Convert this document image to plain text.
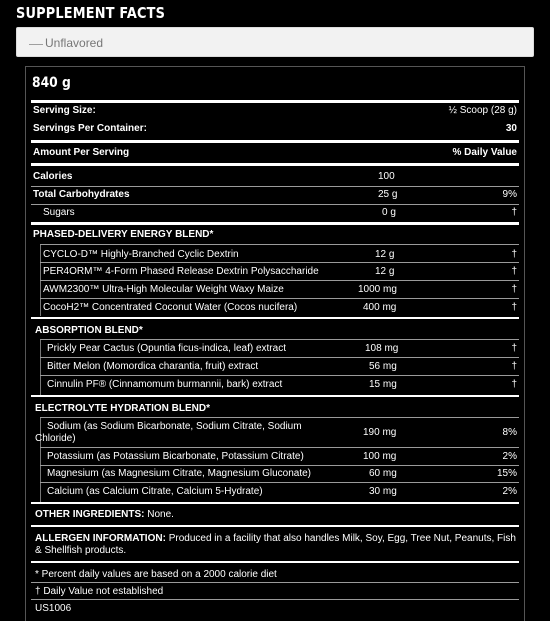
SUPPLEMENT FACTS
— Unflavored
840 g
Serving Size:	½ Scoop (28 g)
Servings Per Container:	30
Amount Per Serving	% Daily Value
Calories	100
Total Carbohydrates	25 g	9%
Sugars	0 g	†
PHASED-DELIVERY ENERGY BLEND*
CYCLO-D™ Highly-Branched Cyclic Dextrin	12 g	†
PER4ORM™ 4-Form Phased Release Dextrin Polysaccharide	12 g	†
AWM2300™ Ultra-High Molecular Weight Waxy Maize	1000 mg	†
CocoH2™ Concentrated Coconut Water (Cocos nucifera)	400 mg	†
ABSORPTION BLEND*
Prickly Pear Cactus (Opuntia ficus-indica, leaf) extract	108 mg	†
Bitter Melon (Momordica charantia, fruit) extract	56 mg	†
Cinnulin PF® (Cinnamomum burmannii, bark) extract	15 mg	†
ELECTROLYTE HYDRATION BLEND*
Sodium (as Sodium Bicarbonate, Sodium Citrate, Sodium
Chloride)
190 mg	8%
Potassium (as Potassium Bicarbonate, Potassium Citrate)	100 mg	2%
Magnesium (as Magnesium Citrate, Magnesium Gluconate)	60 mg	15%
Calcium (as Calcium Citrate, Calcium 5-Hydrate)	30 mg	2%
OTHER INGREDIENTS: None.
ALLERGEN INFORMATION: Produced in a facility that also handles Milk, Soy, Egg, Tree Nut, Peanuts, Fish
& Shellfish products.
* Percent daily values are based on a 2000 calorie diet
† Daily Value not established
US1006
